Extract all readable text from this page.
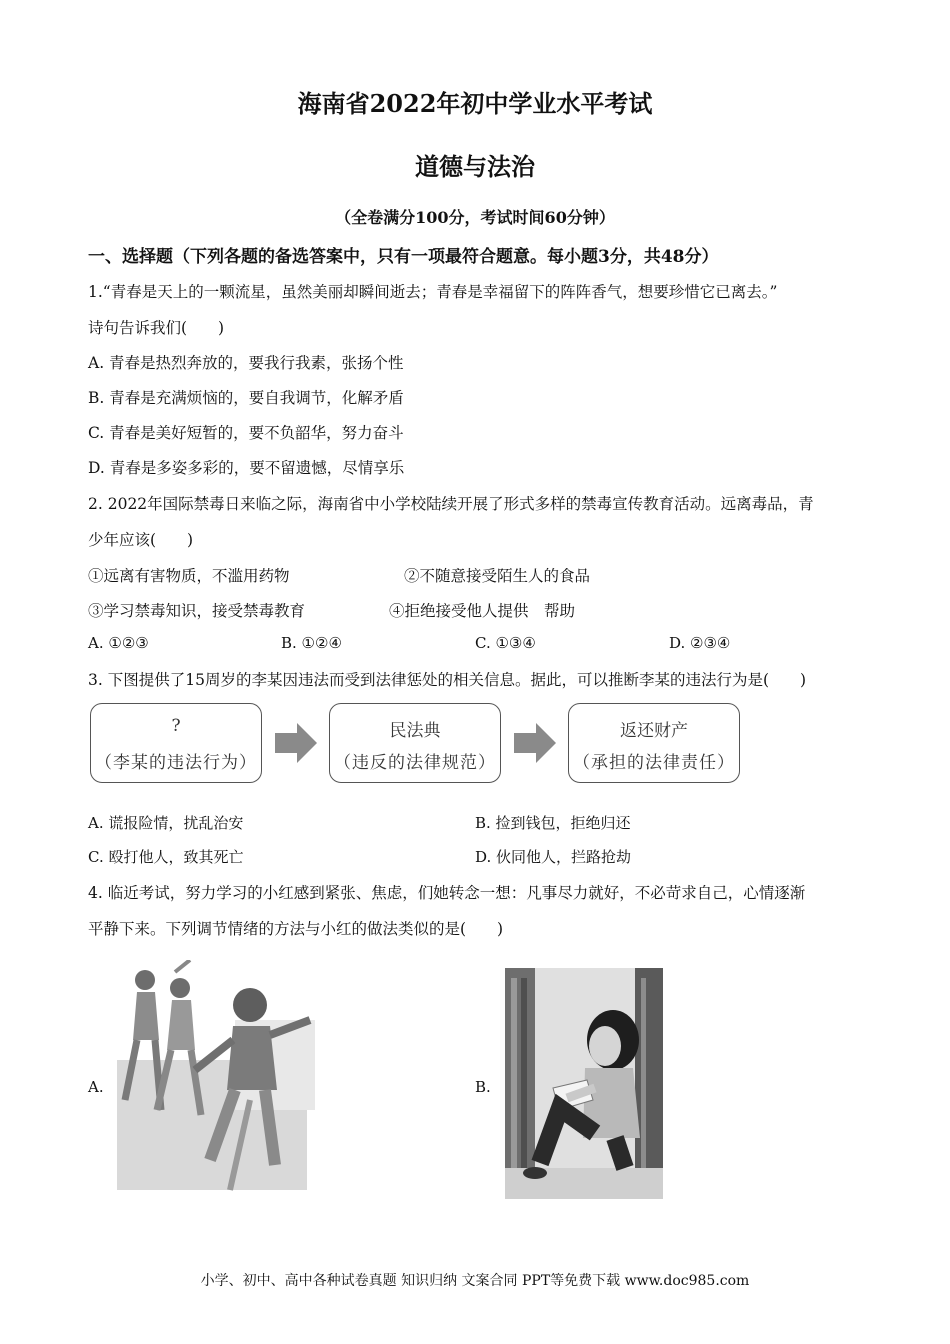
海南省2022年初中学业水平考试
道德与法治
（全卷满分100分，考试时间60分钟）
一、选择题（下列各题的备选答案中，只有一项最符合题意。每小题3分，共48分）
1.“青春是天上的一颗流星，虽然美丽却瞬间逝去；青春是幸福留下的阵阵香气，想要珍惜它已离去。”
诗句告诉我们(　　)
A. 青春是热烈奔放的，要我行我素，张扬个性
B. 青春是充满烦恼的，要自我调节，化解矛盾
C. 青春是美好短暂的，要不负韶华，努力奋斗
D. 青春是多姿多彩的，要不留遗憾，尽情享乐
2. 2022年国际禁毒日来临之际，海南省中小学校陆续开展了形式多样的禁毒宣传教育活动。远离毒品，青
少年应该(　　)
①远离有害物质，不滥用药物	②不随意接受陌生人的食品
③学习禁毒知识，接受禁毒教育	④拒绝接受他人提供　帮助
A. ①②③	B. ①②④	C. ①③④	D. ②③④
3. 下图提供了15周岁的李某因违法而受到法律惩处的相关信息。据此，可以推断李某的违法行为是(　　)
?
（李某的违法行为）
民法典
（违反的法律规范）
返还财产
（承担的法律责任）
A. 谎报险情，扰乱治安	B. 捡到钱包，拒绝归还
C. 殴打他人，致其死亡	D. 伙同他人，拦路抢劫
4. 临近考试，努力学习的小红感到紧张、焦虑，们她转念一想：凡事尽力就好，不必苛求自己，心情逐渐
平静下来。下列调节情绪的方法与小红的做法类似的是(　　)
A.	B.
小学、初中、高中各种试卷真题 知识归纳 文案合同 PPT等免费下载 www.doc985.com
